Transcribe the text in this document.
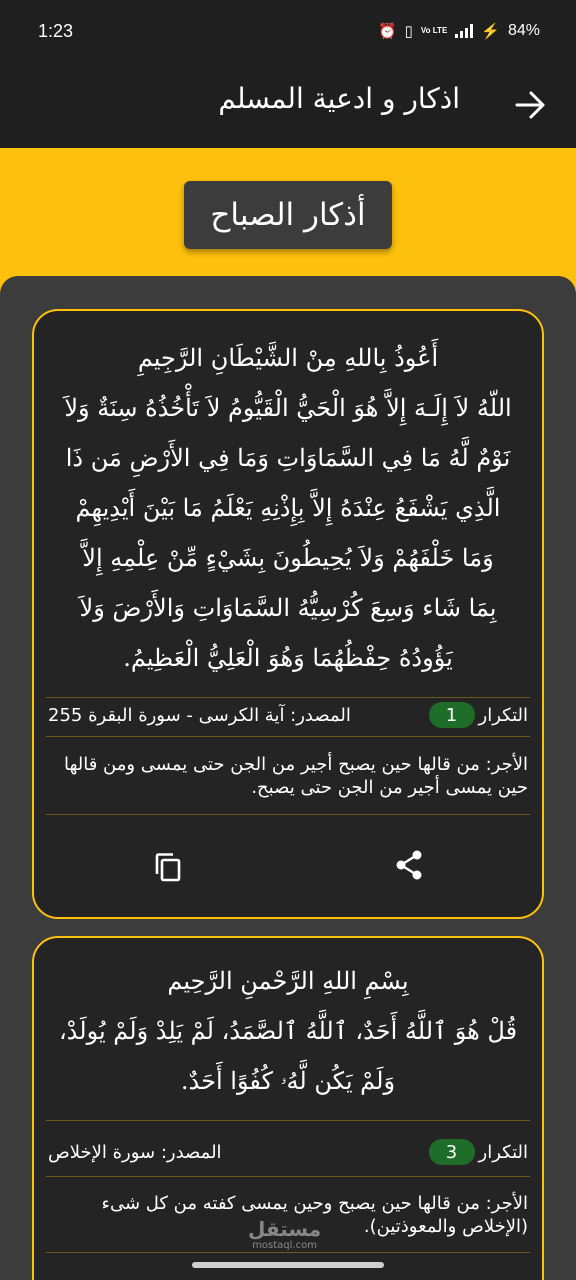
1:23	⏰ ▯ Vo LTE ⚡ 84%
اذكار و ادعية المسلم
أذكار الصباح
أَعُوذُ بِاللهِ مِنْ الشَّيْطَانِ الرَّجِيمِ
اللّهُ لاَ إِلَـهَ إِلاَّ هُوَ الْحَيُّ الْقَيُّومُ لاَ تَأْخُذُهُ سِنَةٌ وَلاَ
نَوْمٌ لَّهُ مَا فِي السَّمَاوَاتِ وَمَا فِي الأَرْضِ مَن ذَا
الَّذِي يَشْفَعُ عِنْدَهُ إِلاَّ بِإِذْنِهِ يَعْلَمُ مَا بَيْنَ أَيْدِيهِمْ
وَمَا خَلْفَهُمْ وَلاَ يُحِيطُونَ بِشَيْءٍ مِّنْ عِلْمِهِ إِلاَّ
بِمَا شَاء وَسِعَ كُرْسِيُّهُ السَّمَاوَاتِ وَالأَرْضَ وَلاَ
يَؤُودُهُ حِفْظُهُمَا وَهُوَ الْعَلِيُّ الْعَظِيمُ.
التكرار
1
المصدر: آية الكرسى - سورة البقرة 255
الأجر: من قالها حين يصبح أجير من الجن حتى يمسى ومن قالها حين يمسى أجير من الجن حتى يصبح.
بِسْمِ اللهِ الرَّحْمنِ الرَّحِيم
قُلْ هُوَ ٱللَّهُ أَحَدٌ، ٱللَّهُ ٱلصَّمَدُ، لَمْ يَلِدْ وَلَمْ يُولَدْ،
وَلَمْ يَكُن لَّهُۥ كُفُوًا أَحَدٌ.
التكرار
3
المصدر: سورة الإخلاص
الأجر: من قالها حين يصبح وحين يمسى كفته من كل شىء (الإخلاص والمعوذتين).
مستقل
mostaql.com
